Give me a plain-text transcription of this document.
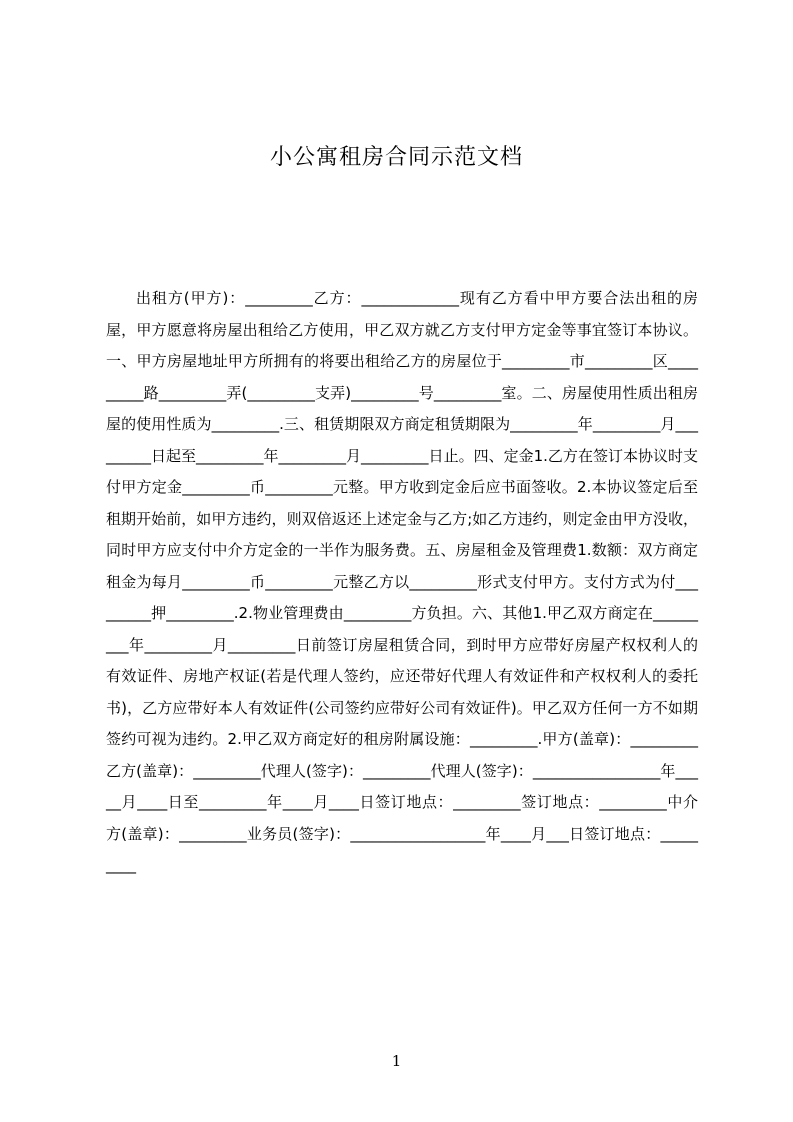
小公寓租房合同示范文档

出租方(甲方)：_________乙方：_____________现有乙方看中甲方要合法出租的房屋，甲方愿意将房屋出租给乙方使用，甲乙双方就乙方支付甲方定金等事宜签订本协议。一、甲方房屋地址甲方所拥有的将要出租给乙方的房屋位于_________市_________区_________路_________弄(_________支弄)_________号_________室。二、房屋使用性质出租房屋的使用性质为_________.三、租赁期限双方商定租赁期限为_________年_________月_________日起至_________年_________月_________日止。四、定金1.乙方在签订本协议时支付甲方定金_________币_________元整。甲方收到定金后应书面签收。2.本协议签定后至租期开始前，如甲方违约，则双倍返还上述定金与乙方;如乙方违约，则定金由甲方没收，同时甲方应支付中介方定金的一半作为服务费。五、房屋租金及管理费1.数额：双方商定租金为每月_________币_________元整乙方以_________形式支付甲方。支付方式为付_________押_________.2.物业管理费由_________方负担。六、其他1.甲乙双方商定在_________年_________月_________日前签订房屋租赁合同，到时甲方应带好房屋产权权利人的有效证件、房地产权证(若是代理人签约，应还带好代理人有效证件和产权权利人的委托书)，乙方应带好本人有效证件(公司签约应带好公司有效证件)。甲乙双方任何一方不如期签约可视为违约。2.甲乙双方商定好的租房附属设施：_________.甲方(盖章)：_________乙方(盖章)：_________代理人(签字)：_________代理人(签字)：_________________年_____月____日至_________年____月____日签订地点：_________签订地点：_________中介方(盖章)：_________业务员(签字)：__________________年____月___日签订地点：_________

1
